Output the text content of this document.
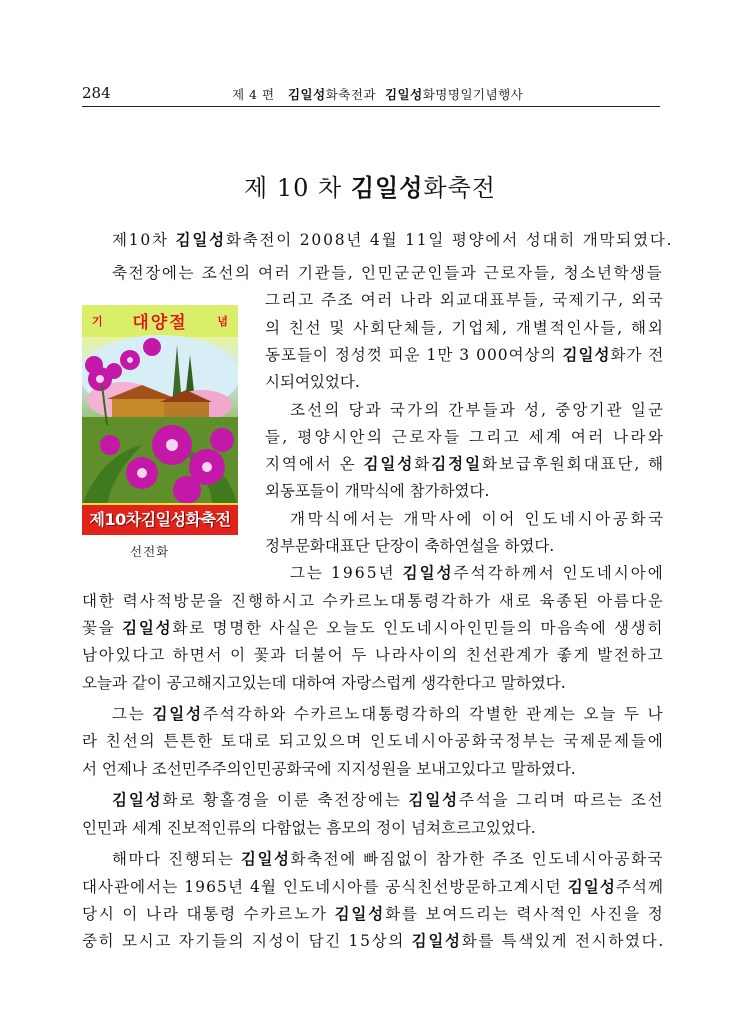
284	제 4 편 김일성화축전과 김일성화명명일기념행사
제 10 차 김일성화축전
기	념
대양절
제10차김일성화축전
선전화
제10차 김일성화축전이 2008년 4월 11일 평양에서 성대히 개막되였다.
축전장에는 조선의 여러 기관들, 인민군군인들과 근로자들, 청소년학생들
그리고 주조 여러 나라 외교대표부들, 국제기구, 외국
의 친선 및 사회단체들, 기업체, 개별적인사들, 해외
동포들이 정성껏 피운 1만 3 000여상의 김일성화가 전
시되여있었다.
조선의 당과 국가의 간부들과 성, 중앙기관 일군
들, 평양시안의 근로자들 그리고 세계 여러 나라와
지역에서 온 김일성화김정일화보급후원회대표단, 해
외동포들이 개막식에 참가하였다.
개막식에서는 개막사에 이어 인도네시아공화국
정부문화대표단 단장이 축하연설을 하였다.
그는 1965년 김일성주석각하께서 인도네시아에
대한 력사적방문을 진행하시고 수카르노대통령각하가 새로 육종된 아름다운
꽃을 김일성화로 명명한 사실은 오늘도 인도네시아인민들의 마음속에 생생히
남아있다고 하면서 이 꽃과 더불어 두 나라사이의 친선관계가 좋게 발전하고
오늘과 같이 공고해지고있는데 대하여 자랑스럽게 생각한다고 말하였다.
그는 김일성주석각하와 수카르노대통령각하의 각별한 관계는 오늘 두 나
라 친선의 튼튼한 토대로 되고있으며 인도네시아공화국정부는 국제문제들에
서 언제나 조선민주주의인민공화국에 지지성원을 보내고있다고 말하였다.
김일성화로 황홀경을 이룬 축전장에는 김일성주석을 그리며 따르는 조선
인민과 세계 진보적인류의 다함없는 흠모의 정이 넘쳐흐르고있었다.
해마다 진행되는 김일성화축전에 빠짐없이 참가한 주조 인도네시아공화국
대사관에서는 1965년 4월 인도네시아를 공식친선방문하고계시던 김일성주석께
당시 이 나라 대통령 수카르노가 김일성화를 보여드리는 력사적인 사진을 정
중히 모시고 자기들의 지성이 담긴 15상의 김일성화를 특색있게 전시하였다.
